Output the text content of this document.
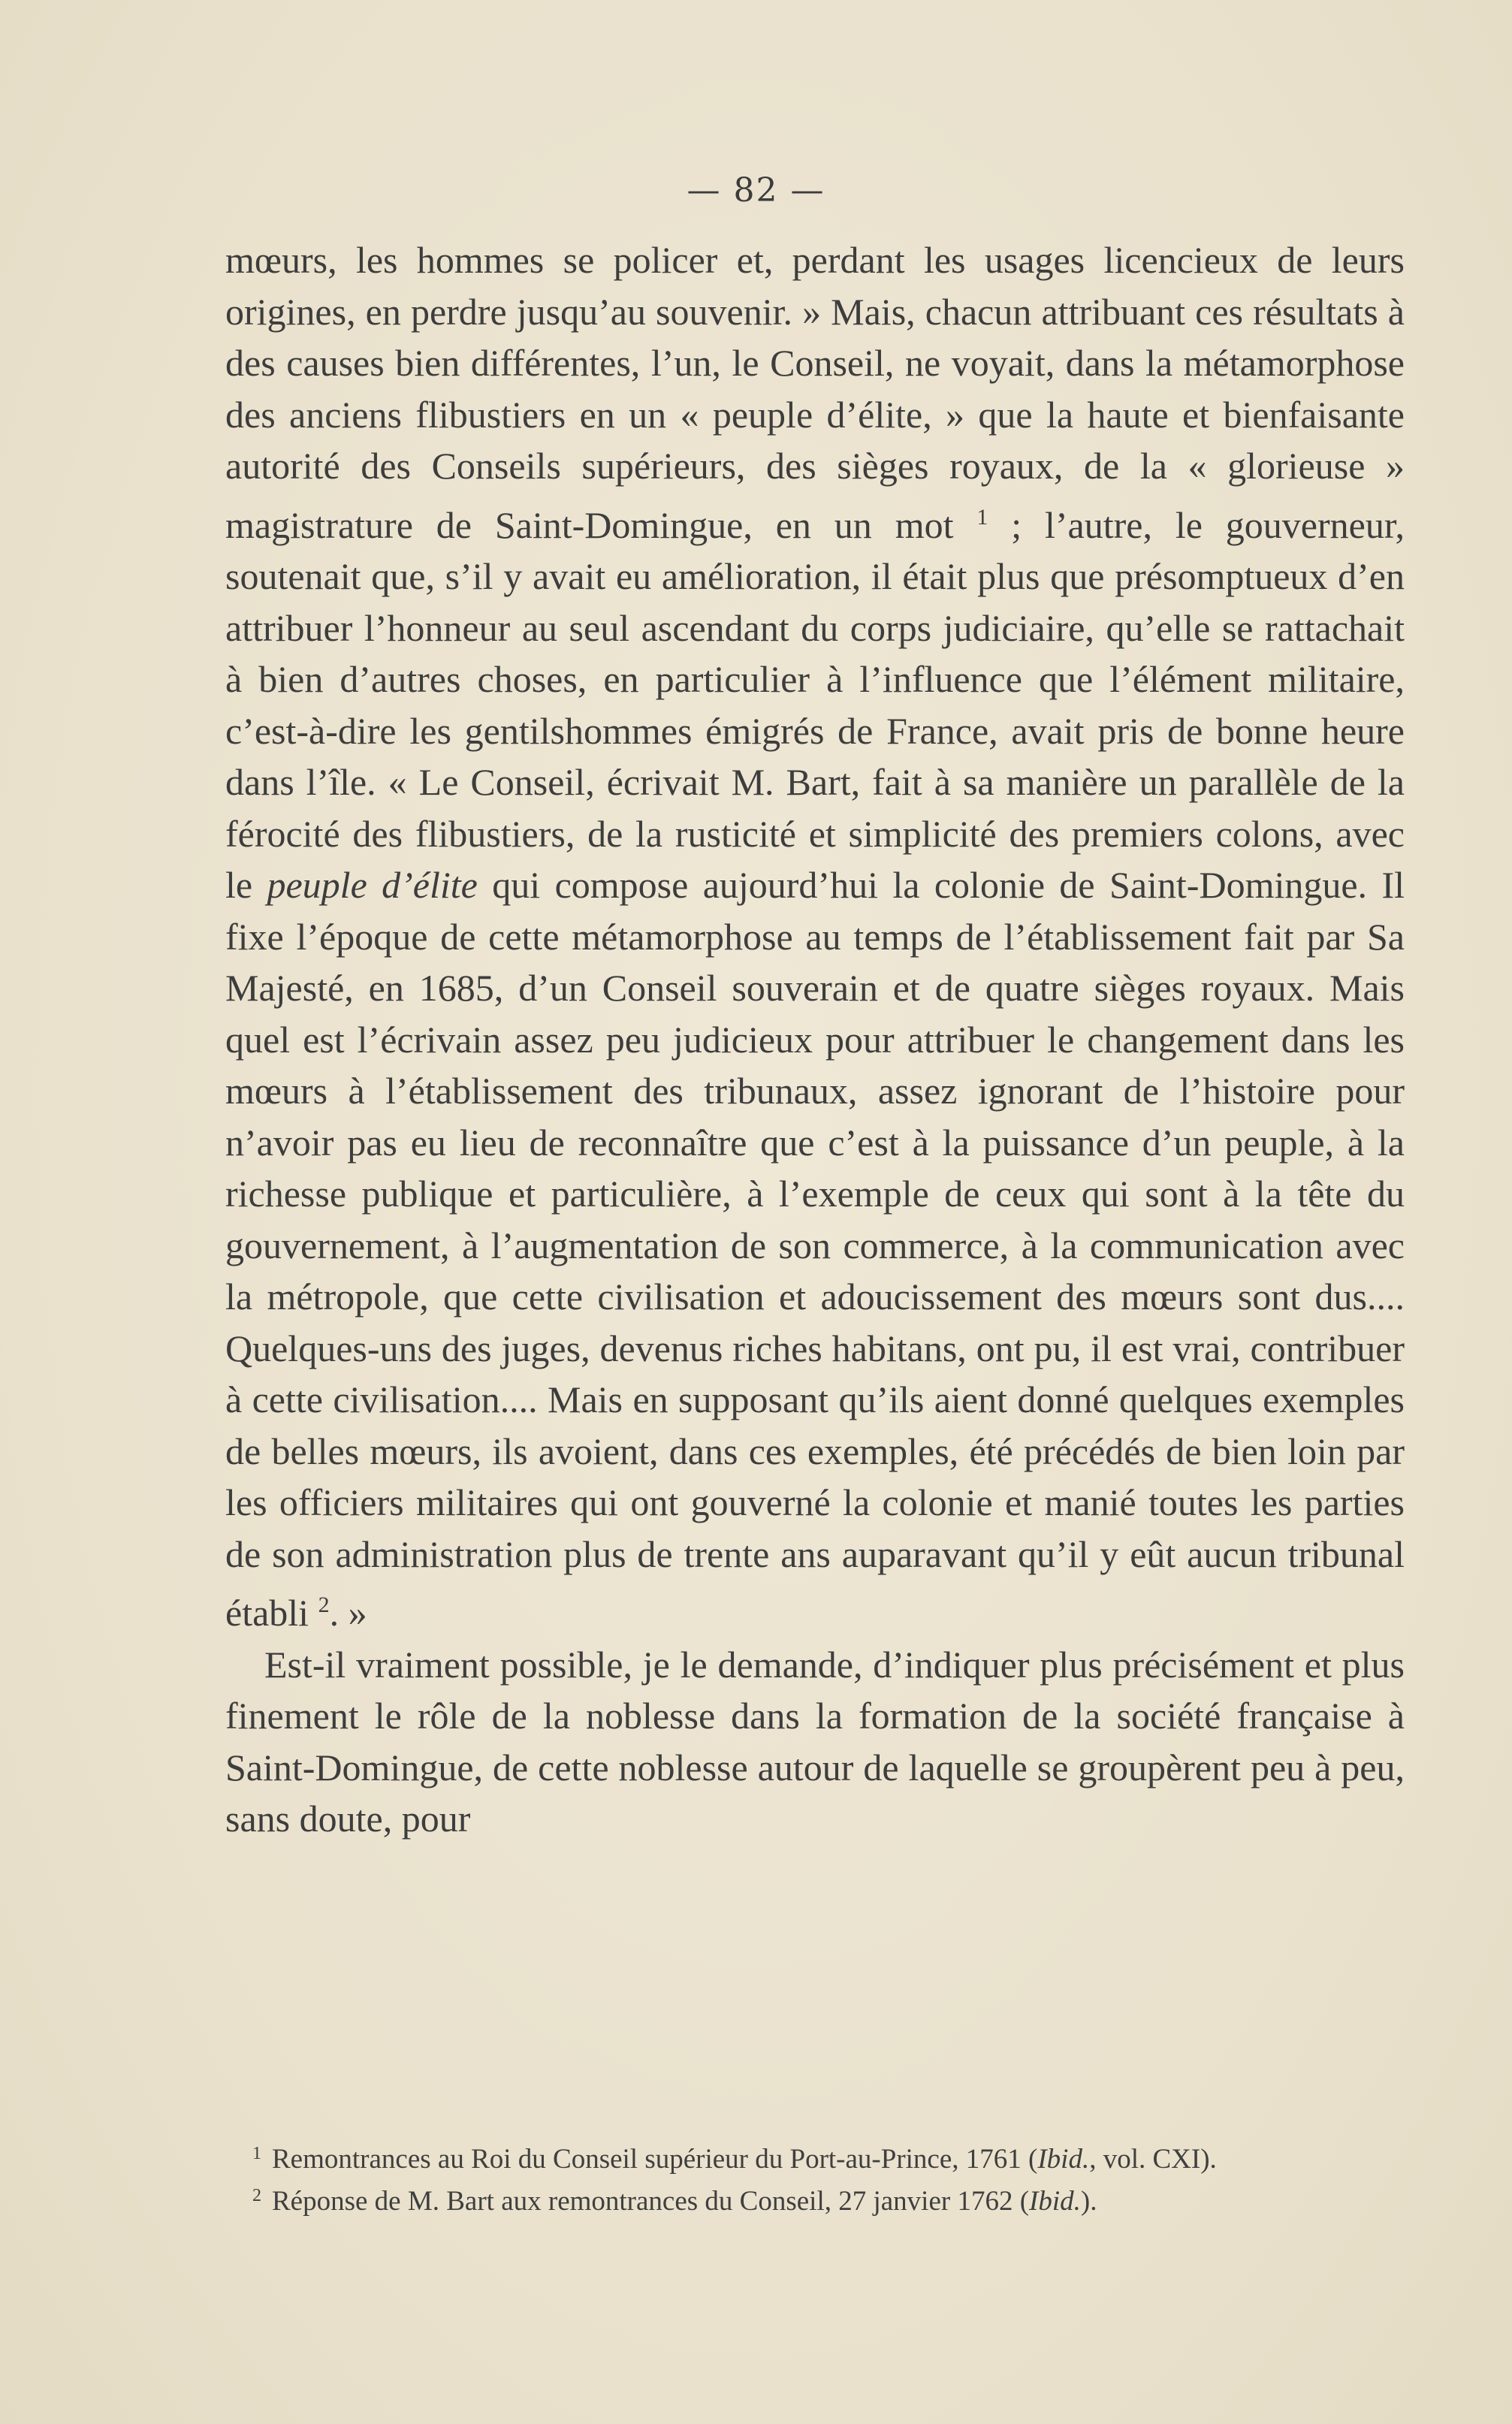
— 82 —

mœurs, les hommes se policer et, perdant les usages licencieux de leurs origines, en perdre jusqu’au souvenir. » Mais, chacun attribuant ces résultats à des causes bien différentes, l’un, le Conseil, ne voyait, dans la métamorphose des anciens flibustiers en un « peuple d’élite, » que la haute et bienfaisante autorité des Conseils supérieurs, des sièges royaux, de la « glorieuse » magistrature de Saint-Domingue, en un mot $^1$ ; l’autre, le gouverneur, soutenait que, s’il y avait eu amélioration, il était plus que présomptueux d’en attribuer l’honneur au seul ascendant du corps judiciaire, qu’elle se rattachait à bien d’autres choses, en particulier à l’influence que l’élément militaire, c’est-à-dire les gentilshommes émigrés de France, avait pris de bonne heure dans l’île. « Le Conseil, écrivait M. Bart, fait à sa manière un parallèle de la férocité des flibustiers, de la rusticité et simplicité des premiers colons, avec le peuple d’élite qui compose aujourd’hui la colonie de Saint-Domingue. Il fixe l’époque de cette métamorphose au temps de l’établissement fait par Sa Majesté, en 1685, d’un Conseil souverain et de quatre sièges royaux. Mais quel est l’écrivain assez peu judicieux pour attribuer le changement dans les mœurs à l’établissement des tribunaux, assez ignorant de l’histoire pour n’avoir pas eu lieu de reconnaître que c’est à la puissance d’un peuple, à la richesse publique et particulière, à l’exemple de ceux qui sont à la tête du gouvernement, à l’augmentation de son commerce, à la communication avec la métropole, que cette civilisation et adoucissement des mœurs sont dus.... Quelques-uns des juges, devenus riches habitans, ont pu, il est vrai, contribuer à cette civilisation.... Mais en supposant qu’ils aient donné quelques exemples de belles mœurs, ils avoient, dans ces exemples, été précédés de bien loin par les officiers militaires qui ont gouverné la colonie et manié toutes les parties de son administration plus de trente ans auparavant qu’il y eût aucun tribunal établi $^2$. »

Est-il vraiment possible, je le demande, d’indiquer plus précisément et plus finement le rôle de la noblesse dans la formation de la société française à Saint-Domingue, de cette noblesse autour de laquelle se groupèrent peu à peu, sans doute, pour

$^1$ Remontrances au Roi du Conseil supérieur du Port-au-Prince, 1761 (Ibid., vol. CXI).

$^2$ Réponse de M. Bart aux remontrances du Conseil, 27 janvier 1762 (Ibid.).
